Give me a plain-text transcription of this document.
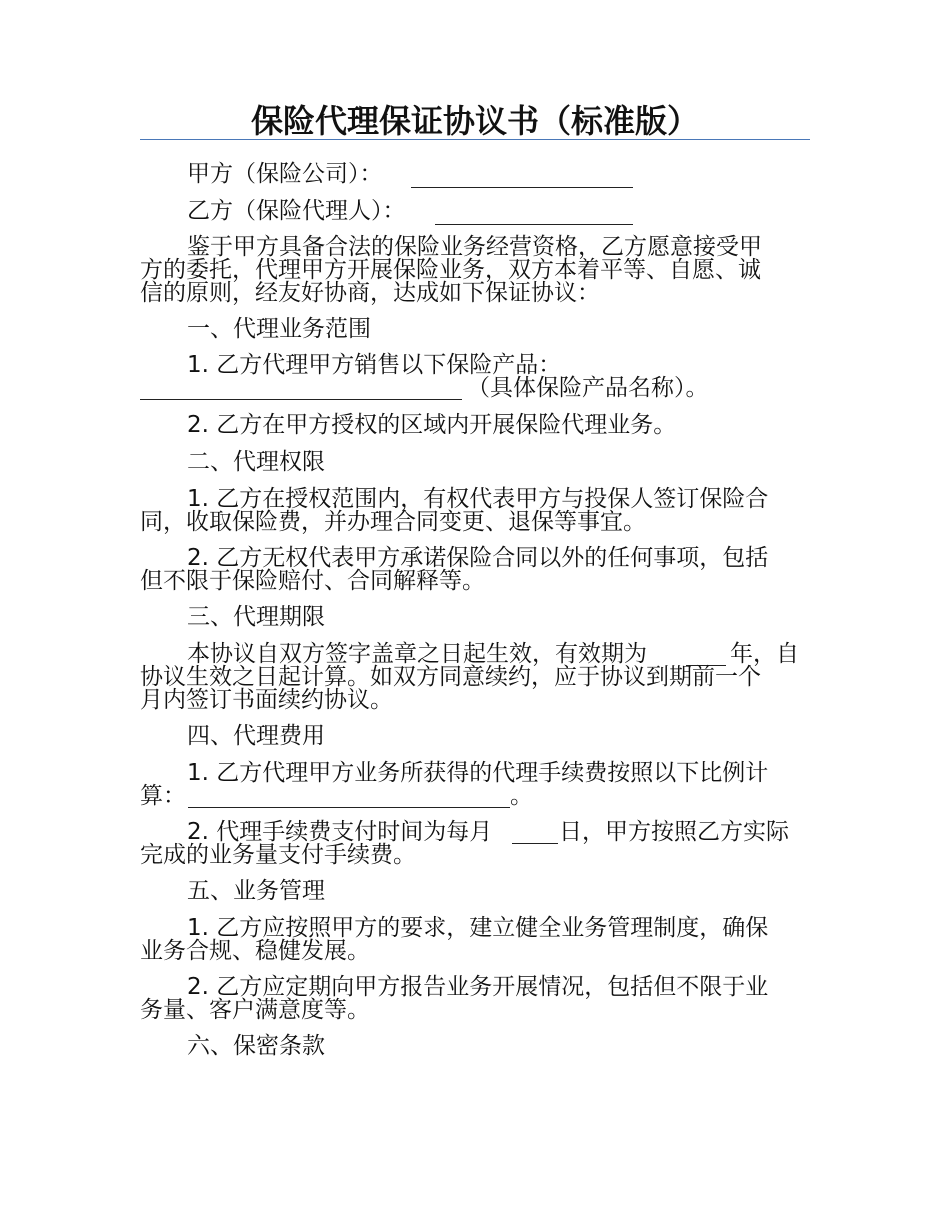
保险代理保证协议书（标准版）
甲方（保险公司）：
乙方（保险代理人）：
鉴于甲方具备合法的保险业务经营资格，乙方愿意接受甲
方的委托，代理甲方开展保险业务，双方本着平等、自愿、诚
信的原则，经友好协商，达成如下保证协议：
一、代理业务范围
1. 乙方代理甲方销售以下保险产品：
（具体保险产品名称）。
2. 乙方在甲方授权的区域内开展保险代理业务。
二、代理权限
1. 乙方在授权范围内，有权代表甲方与投保人签订保险合
同，收取保险费，并办理合同变更、退保等事宜。
2. 乙方无权代表甲方承诺保险合同以外的任何事项，包括
但不限于保险赔付、合同解释等。
三、代理期限
本协议自双方签字盖章之日起生效，有效期为	年，自
协议生效之日起计算。如双方同意续约，应于协议到期前一个
月内签订书面续约协议。
四、代理费用
1. 乙方代理甲方业务所获得的代理手续费按照以下比例计
算：	。
2. 代理手续费支付时间为每月	日，甲方按照乙方实际
完成的业务量支付手续费。
五、业务管理
1. 乙方应按照甲方的要求，建立健全业务管理制度，确保
业务合规、稳健发展。
2. 乙方应定期向甲方报告业务开展情况，包括但不限于业
务量、客户满意度等。
六、保密条款
